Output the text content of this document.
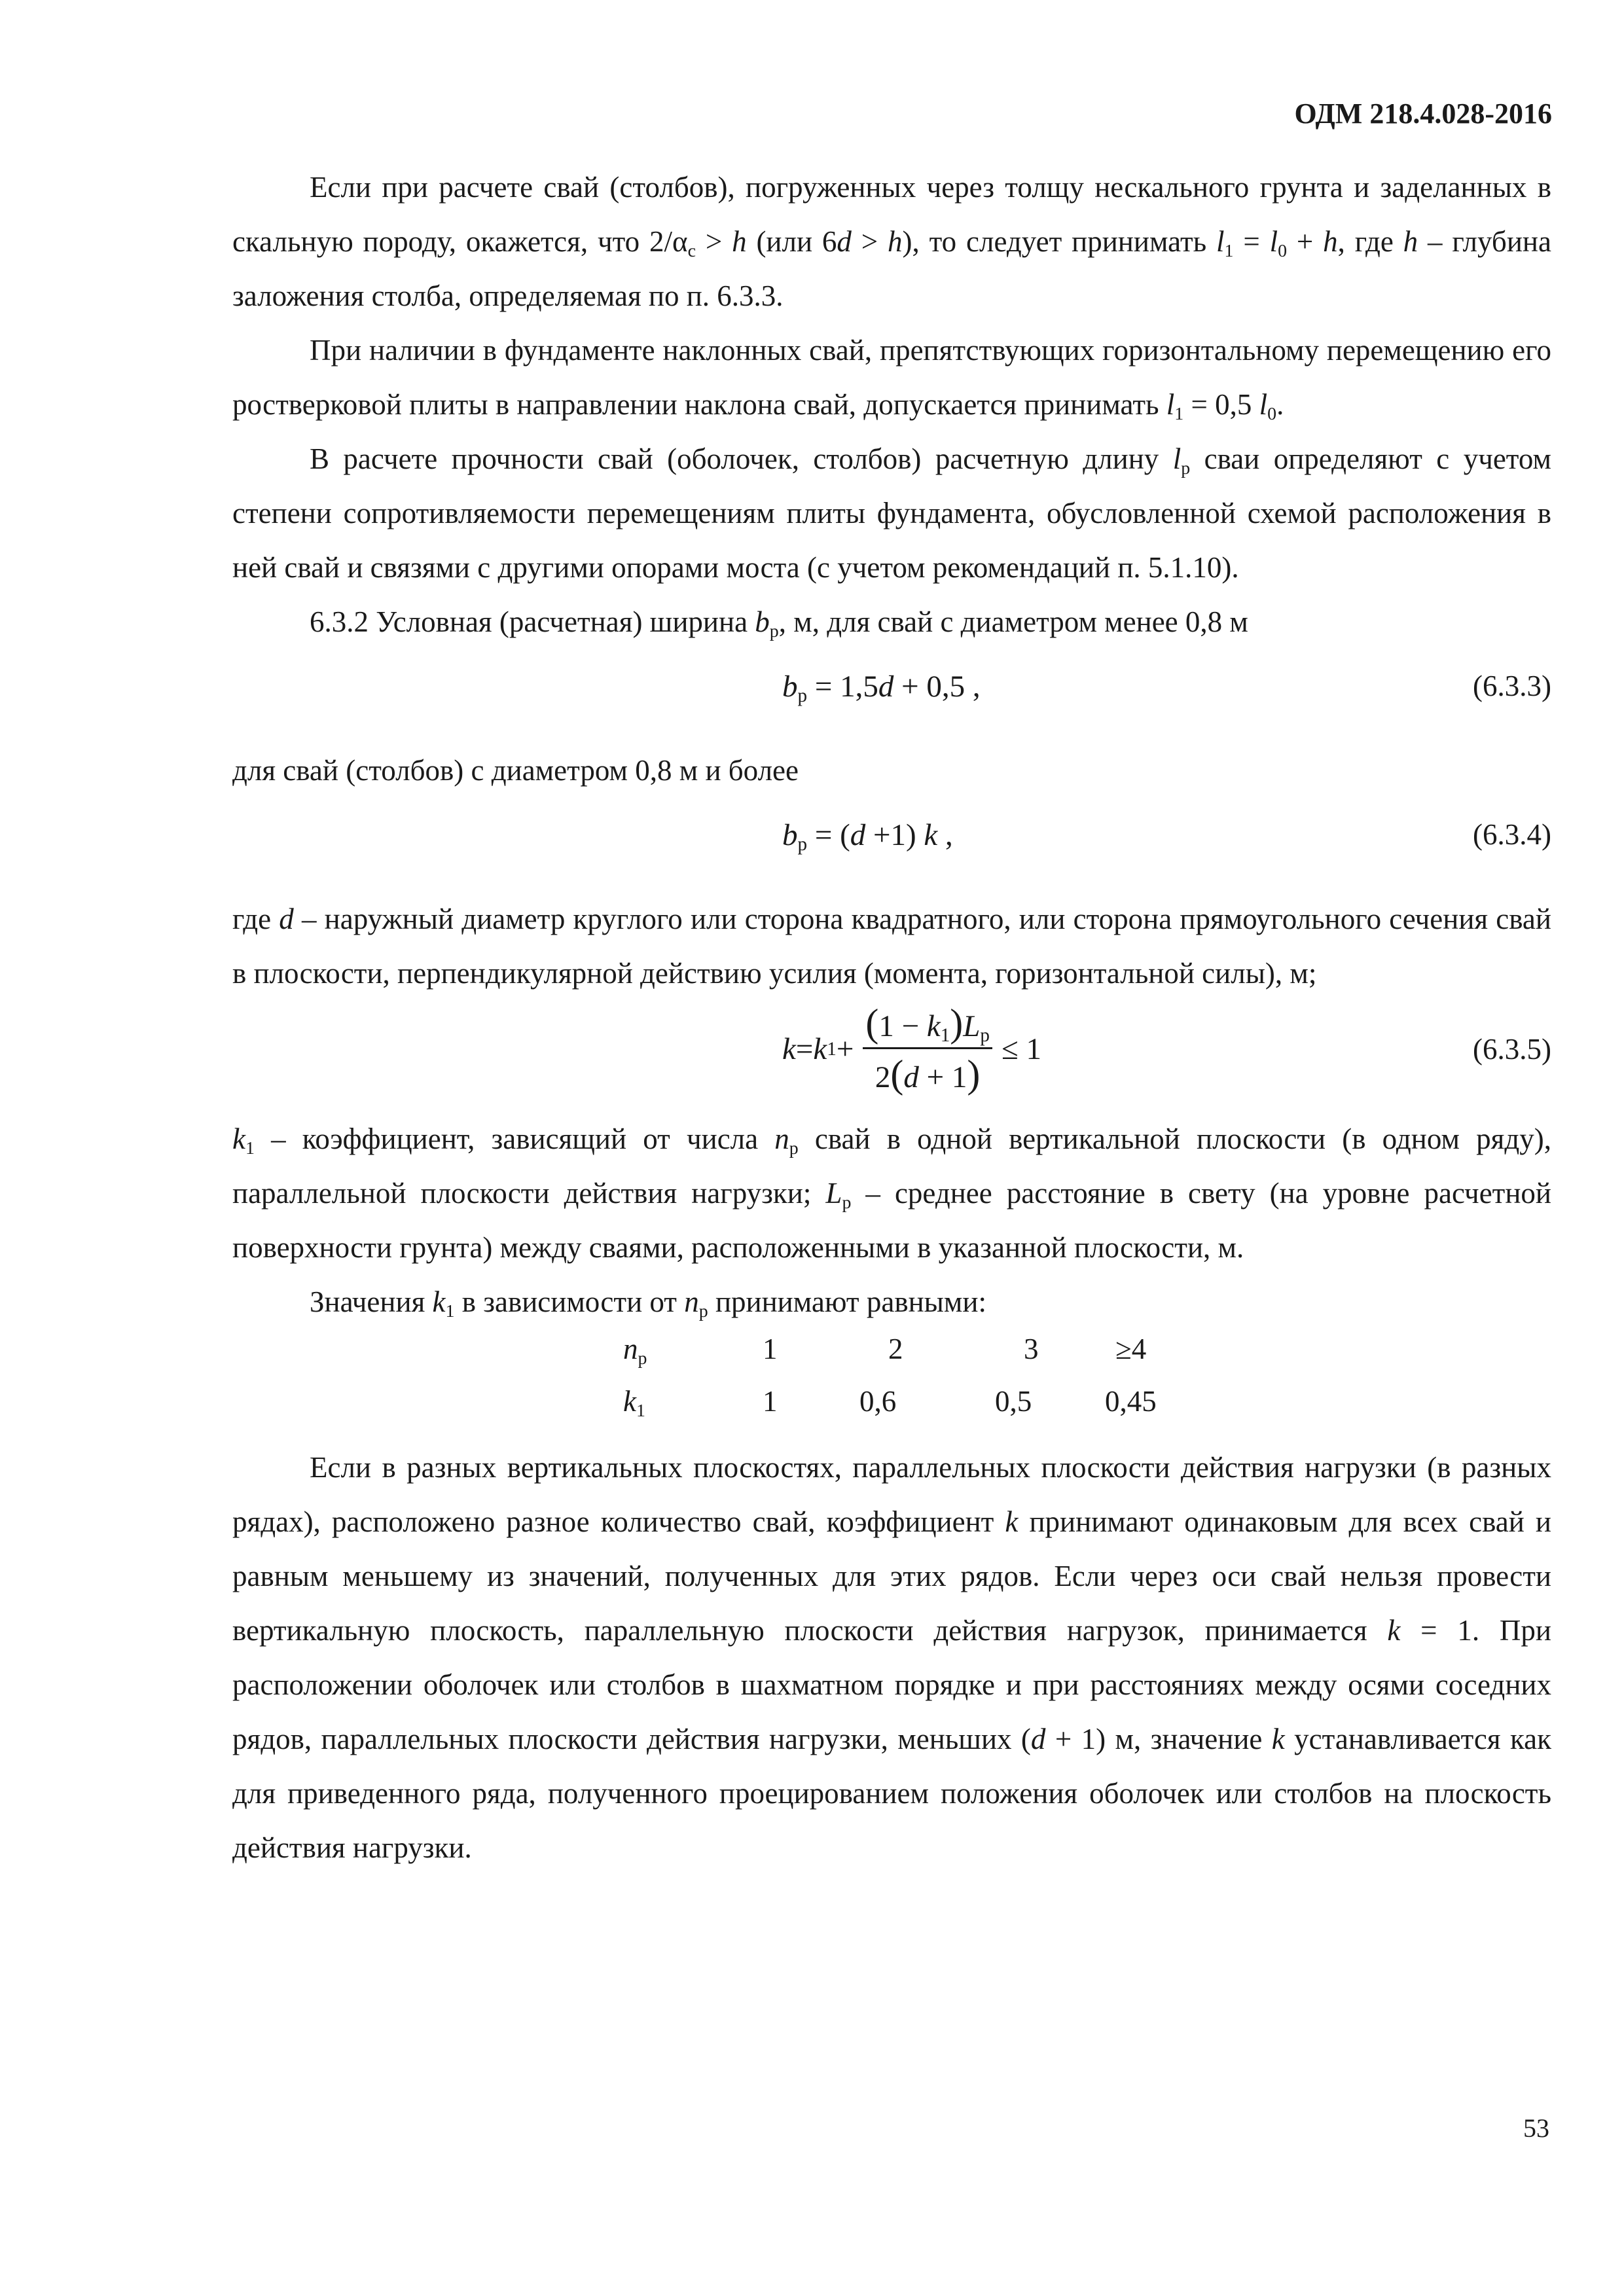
ОДМ 218.4.028-2016

Если при расчете свай (столбов), погруженных через толщу нескального грунта и заделанных в скальную породу, окажется, что $2/\alpha_c > h$ (или 6d > h), то следует принимать $l_1 = l_0 + h$, где h – глубина заложения столба, определяемая по п. 6.3.3.

При наличии в фундаменте наклонных свай, препятствующих горизонтальному перемещению его ростверковой плиты в направлении наклона свай, допускается принимать $l_1 = 0,5$ $l_0$.

В расчете прочности свай (оболочек, столбов) расчетную длину $l_p$ сваи определяют с учетом степени сопротивляемости перемещениям плиты фундамента, обусловленной схемой расположения в ней свай и связями с другими опорами моста (с учетом рекомендаций п. 5.1.10).

6.3.2 Условная (расчетная) ширина $b_p$, м, для свай с диаметром менее 0,8 м

$b_p = 1,5d + 0,5$ ,	(6.3.3)

для свай (столбов) с диаметром 0,8 м и более

$b_p = (d +1)$ k ,	(6.3.4)

где d – наружный диаметр круглого или сторона квадратного, или сторона прямоугольного сечения свай в плоскости, перпендикулярной действию усилия (момента, горизонтальной силы), м;

k = k $1 + \frac{(1 - k_1)L_p}{2(d + 1)} \le 1$	(6.3.5)

$k_1$ – коэффициент, зависящий от числа $n_p$ свай в одной вертикальной плоскости (в одном ряду), параллельной плоскости действия нагрузки; $L_p$ – среднее расстояние в свету (на уровне расчетной поверхности грунта) между сваями, расположенными в указанной плоскости, м.

Значения $k_1$ в зависимости от $n_p$ принимают равными:

$n_p$	1	2	3	≥4
$k_1$	1	0,6	0,5 0,45

Если в разных вертикальных плоскостях, параллельных плоскости действия нагрузки (в разных рядах), расположено разное количество свай, коэффициент k принимают одинаковым для всех свай и равным меньшему из значений, полученных для этих рядов. Если через оси свай нельзя провести вертикальную плоскость, параллельную плоскости действия нагрузок, принимается k = 1. При расположении оболочек или столбов в шахматном порядке и при расстояниях между осями соседних рядов, параллельных плоскости действия нагрузки, меньших (d + 1) м, значение k устанавливается как для приведенного ряда, полученного проецированием положения оболочек или столбов на плоскость действия нагрузки.

53
